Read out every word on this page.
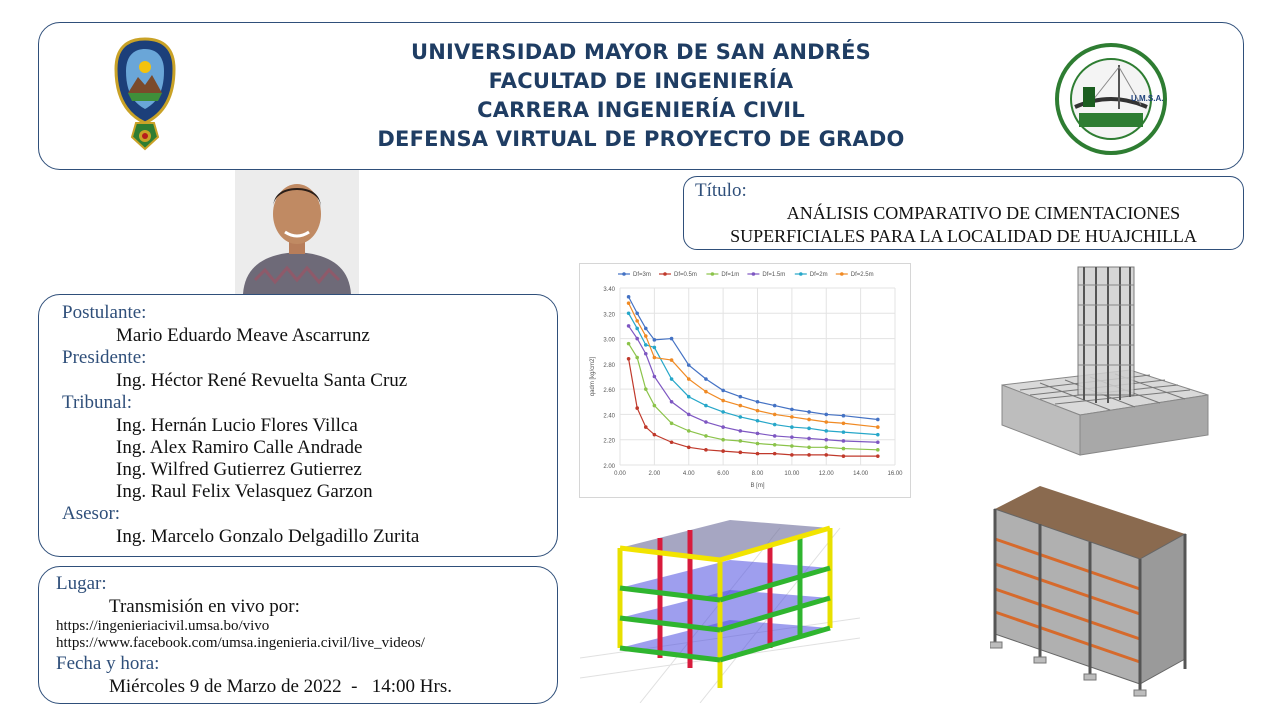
UNIVERSIDAD MAYOR DE SAN ANDRÉS
FACULTAD DE INGENIERÍA
CARRERA INGENIERÍA CIVIL
DEFENSA VIRTUAL DE PROYECTO DE GRADO
U.M.S.A.
Título:
ANÁLISIS COMPARATIVO DE CIMENTACIONES
SUPERFICIALES PARA LA LOCALIDAD DE HUAJCHILLA
Postulante:
Mario Eduardo Meave Ascarrunz
Presidente:
Ing. Héctor René Revuelta Santa Cruz
Tribunal:
Ing. Hernán Lucio Flores Villca
Ing. Alex Ramiro Calle Andrade
Ing. Wilfred Gutierrez Gutierrez
Ing. Raul Felix Velasquez Garzon
Asesor:
Ing. Marcelo Gonzalo Delgadillo Zurita
Lugar:
Transmisión en vivo por:
https://ingenieriacivil.umsa.bo/vivo
https://www.facebook.com/umsa.ingenieria.civil/live_videos/
Fecha y hora:
Miércoles 9 de Marzo de 2022  -   14:00 Hrs.
2.00
2.20
2.40
2.60
2.80
3.00
3.20
3.40
0.00	2.00	4.00	6.00	8.00	10.00	12.00	14.00	16.00
B [m]
qadm [kg/cm2]
Df=3m	Df=0.5m	Df=1m	Df=1.5m	Df=2m	Df=2.5m
